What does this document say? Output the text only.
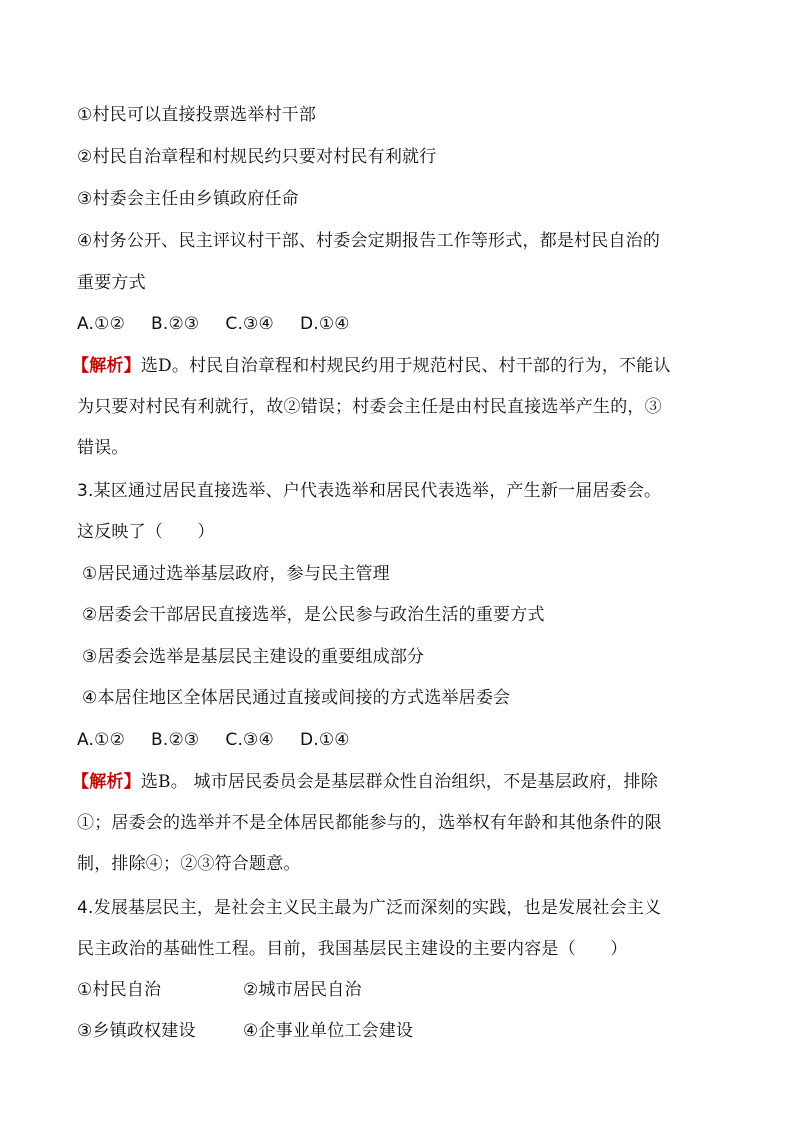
①村民可以直接投票选举村干部
②村民自治章程和村规民约只要对村民有利就行
③村委会主任由乡镇政府任命
④村务公开、民主评议村干部、村委会定期报告工作等形式，都是村民自治的
重要方式
A.①② B.②③ C.③④ D.①④
【解析】选D。村民自治章程和村规民约用于规范村民、村干部的行为，不能认
为只要对村民有利就行，故②错误；村委会主任是由村民直接选举产生的，③
错误。
3.某区通过居民直接选举、户代表选举和居民代表选举，产生新一届居委会。
这反映了（　　）
①居民通过选举基层政府，参与民主管理
②居委会干部居民直接选举，是公民参与政治生活的重要方式
③居委会选举是基层民主建设的重要组成部分
④本居住地区全体居民通过直接或间接的方式选举居委会
A.①② B.②③ C.③④ D.①④
【解析】选B。 城市居民委员会是基层群众性自治组织，不是基层政府，排除
①；居委会的选举并不是全体居民都能参与的，选举权有年龄和其他条件的限
制，排除④；②③符合题意。
4.发展基层民主，是社会主义民主最为广泛而深刻的实践，也是发展社会主义
民主政治的基础性工程。目前，我国基层民主建设的主要内容是（　　）
①村民自治	②城市居民自治
③乡镇政权建设	④企事业单位工会建设
